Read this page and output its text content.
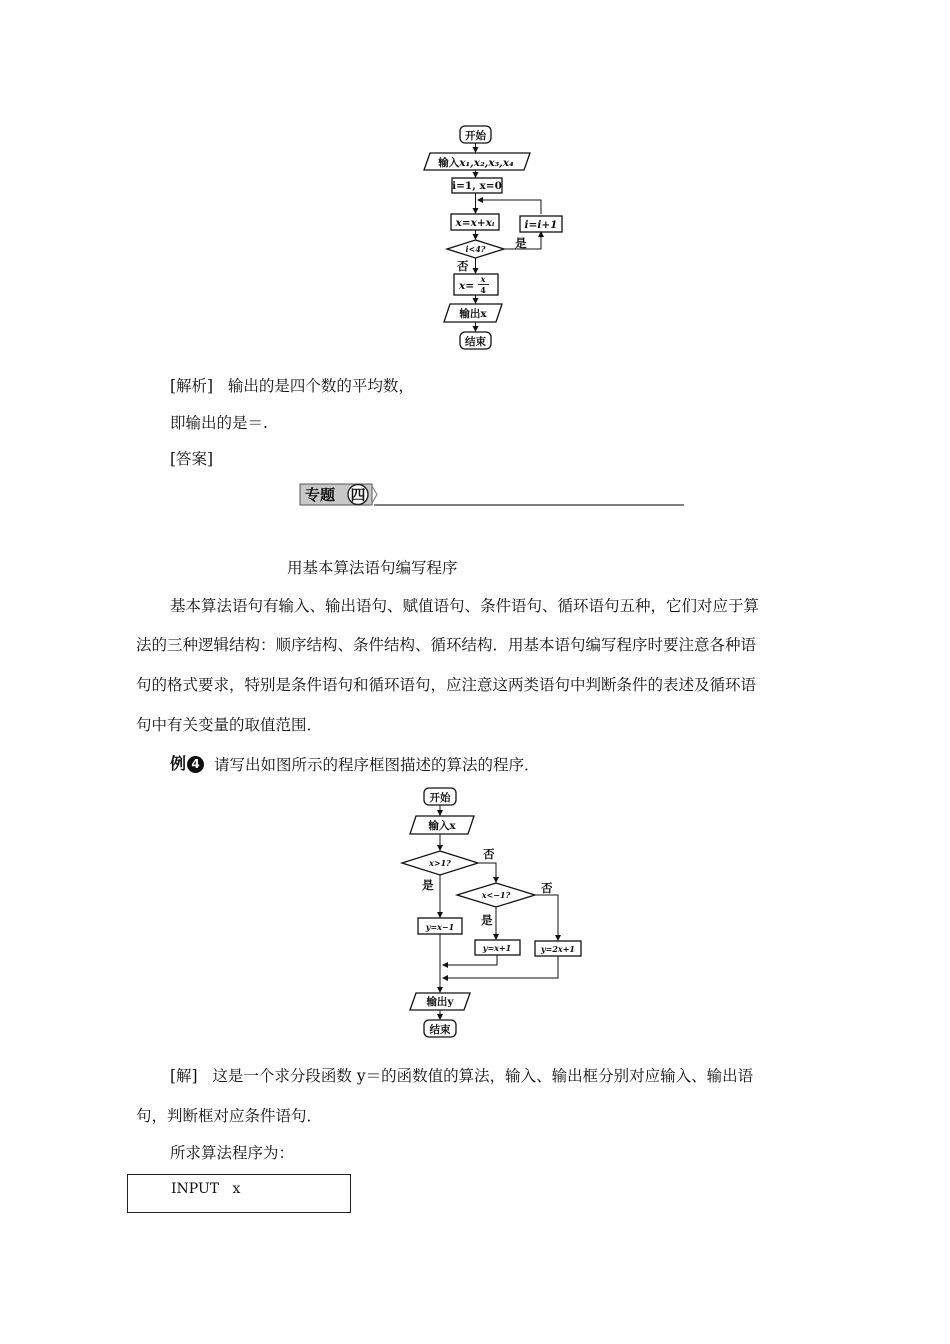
开始
输入x₁,x₂,x₃,x₄
i=1, x=0
x=x+xᵢ	i=i+1
i<4?	是
否
x=
x
4
输出x
结束
[解析] 输出的是四个数的平均数，
即输出的是＝.
[答案]
专题 四
用基本算法语句编写程序
基本算法语句有输入、输出语句、赋值语句、条件语句、循环语句五种，它们对应于算
法的三种逻辑结构：顺序结构、条件结构、循环结构．用基本语句编写程序时要注意各种语
句的格式要求，特别是条件语句和循环语句，应注意这两类语句中判断条件的表述及循环语
句中有关变量的取值范围．
例 4 请写出如图所示的程序框图描述的算法的程序．
开始
输入x
x>1?
否
是
x<−1?	否
是
y=x−1
y=x+1	y=2x+1
输出y
结束
[解] 这是一个求分段函数 y＝的函数值的算法，输入、输出框分别对应输入、输出语
句，判断框对应条件语句．
所求算法程序为：
INPUT   x
